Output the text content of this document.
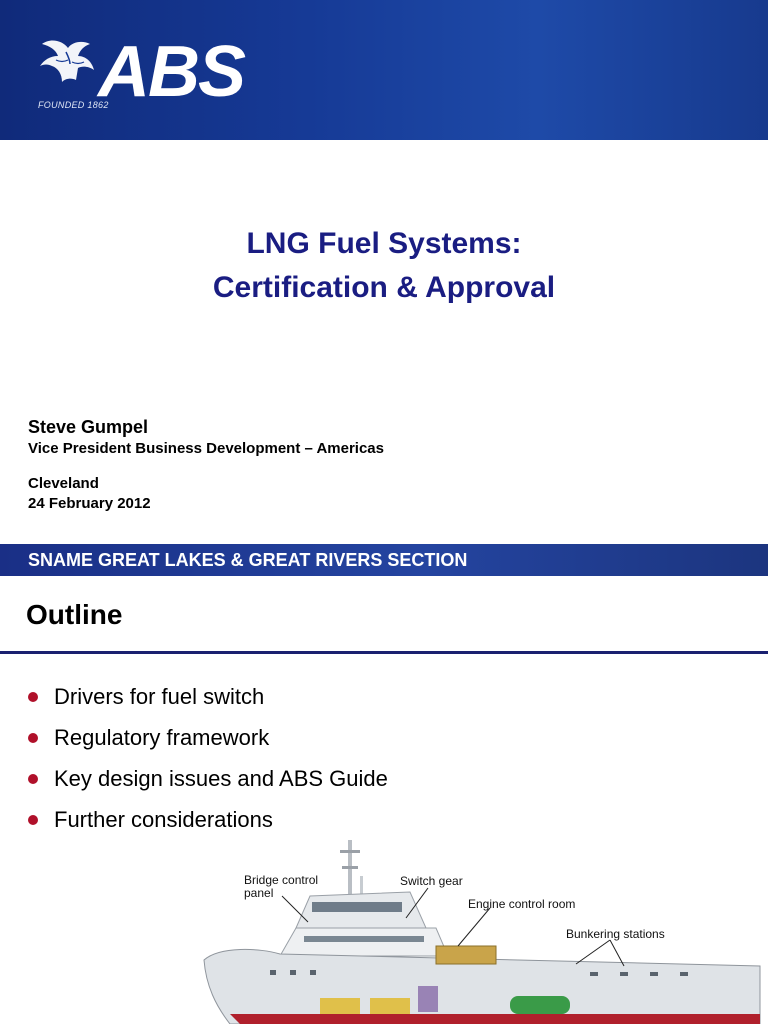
ABS
FOUNDED 1862
LNG Fuel Systems:
Certification & Approval
Steve Gumpel
Vice President Business Development – Americas
Cleveland
24 February 2012
SNAME GREAT LAKES & GREAT RIVERS SECTION
Outline
Drivers for fuel switch
Regulatory framework
Key design issues and ABS Guide
Further considerations
Bridge control
panel
Switch gear
Engine control room
Bunkering stations
